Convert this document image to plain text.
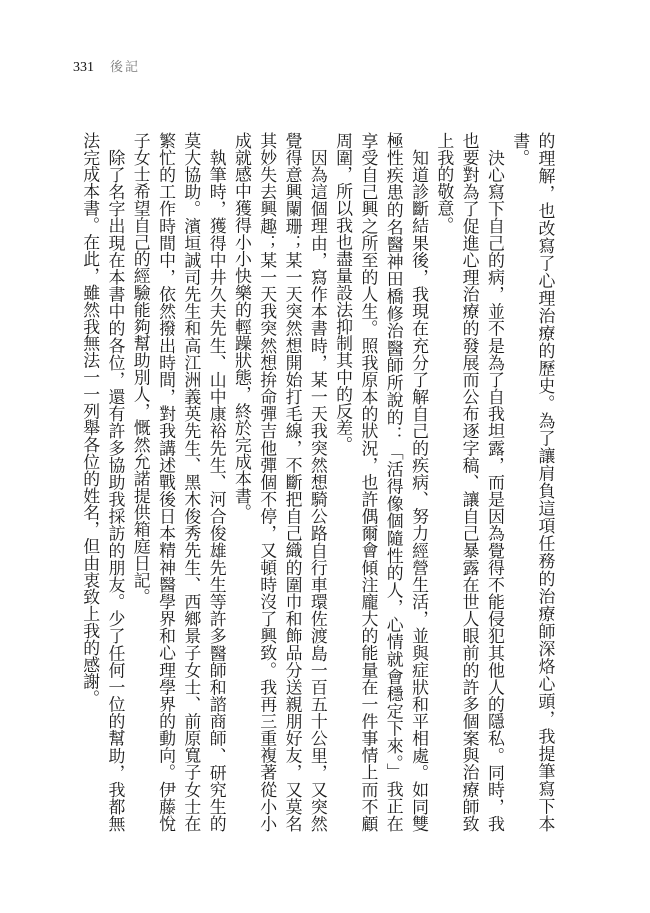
331 後記

的理解，也改寫了心理治療的歷史。為了讓肩負這項任務的治療師深烙心頭，我提筆寫下本書。

決心寫下自己的病，並不是為了自我坦露，而是因為覺得不能侵犯其他人的隱私。同時，我也要對為了促進心理治療的發展而公布逐字稿、讓自己暴露在世人眼前的許多個案與治療師致上我的敬意。

知道診斷結果後，我現在充分了解自己的疾病、努力經營生活，並與症狀和平相處。如同雙極性疾患的名醫神田橋修治醫師所說的：「活得像個隨性的人，心情就會穩定下來。」我正在享受自己興之所至的人生。照我原本的狀況，也許偶爾會傾注龐大的能量在一件事情上而不顧周圍，所以我也盡量設法抑制其中的反差。

因為這個理由，寫作本書時，某一天我突然想騎公路自行車環佐渡島一百五十公里，又突然覺得意興闌珊；某一天突然想開始打毛線，不斷把自己織的圍巾和飾品分送親朋好友，又莫名其妙失去興趣；某一天我突然想拚命彈吉他彈個不停，又頓時沒了興致。我再三重複著從小小成就感中獲得小小快樂的輕躁狀態，終於完成本書。

執筆時，獲得中井久夫先生、山中康裕先生、河合俊雄先生等許多醫師和諮商師、研究生的莫大協助。濱垣誠司先生和高江洲義英先生、黑木俊秀先生、西鄉景子女士、前原寬子女士在繁忙的工作時間中，依然撥出時間，對我講述戰後日本精神醫學界和心理學界的動向。伊藤悅子女士希望自己的經驗能夠幫助別人，慨然允諾提供箱庭日記。

除了名字出現在本書中的各位，還有許多協助我採訪的朋友。少了任何一位的幫助，我都無法完成本書。在此，雖然我無法一一列舉各位的姓名，但由衷致上我的感謝。
